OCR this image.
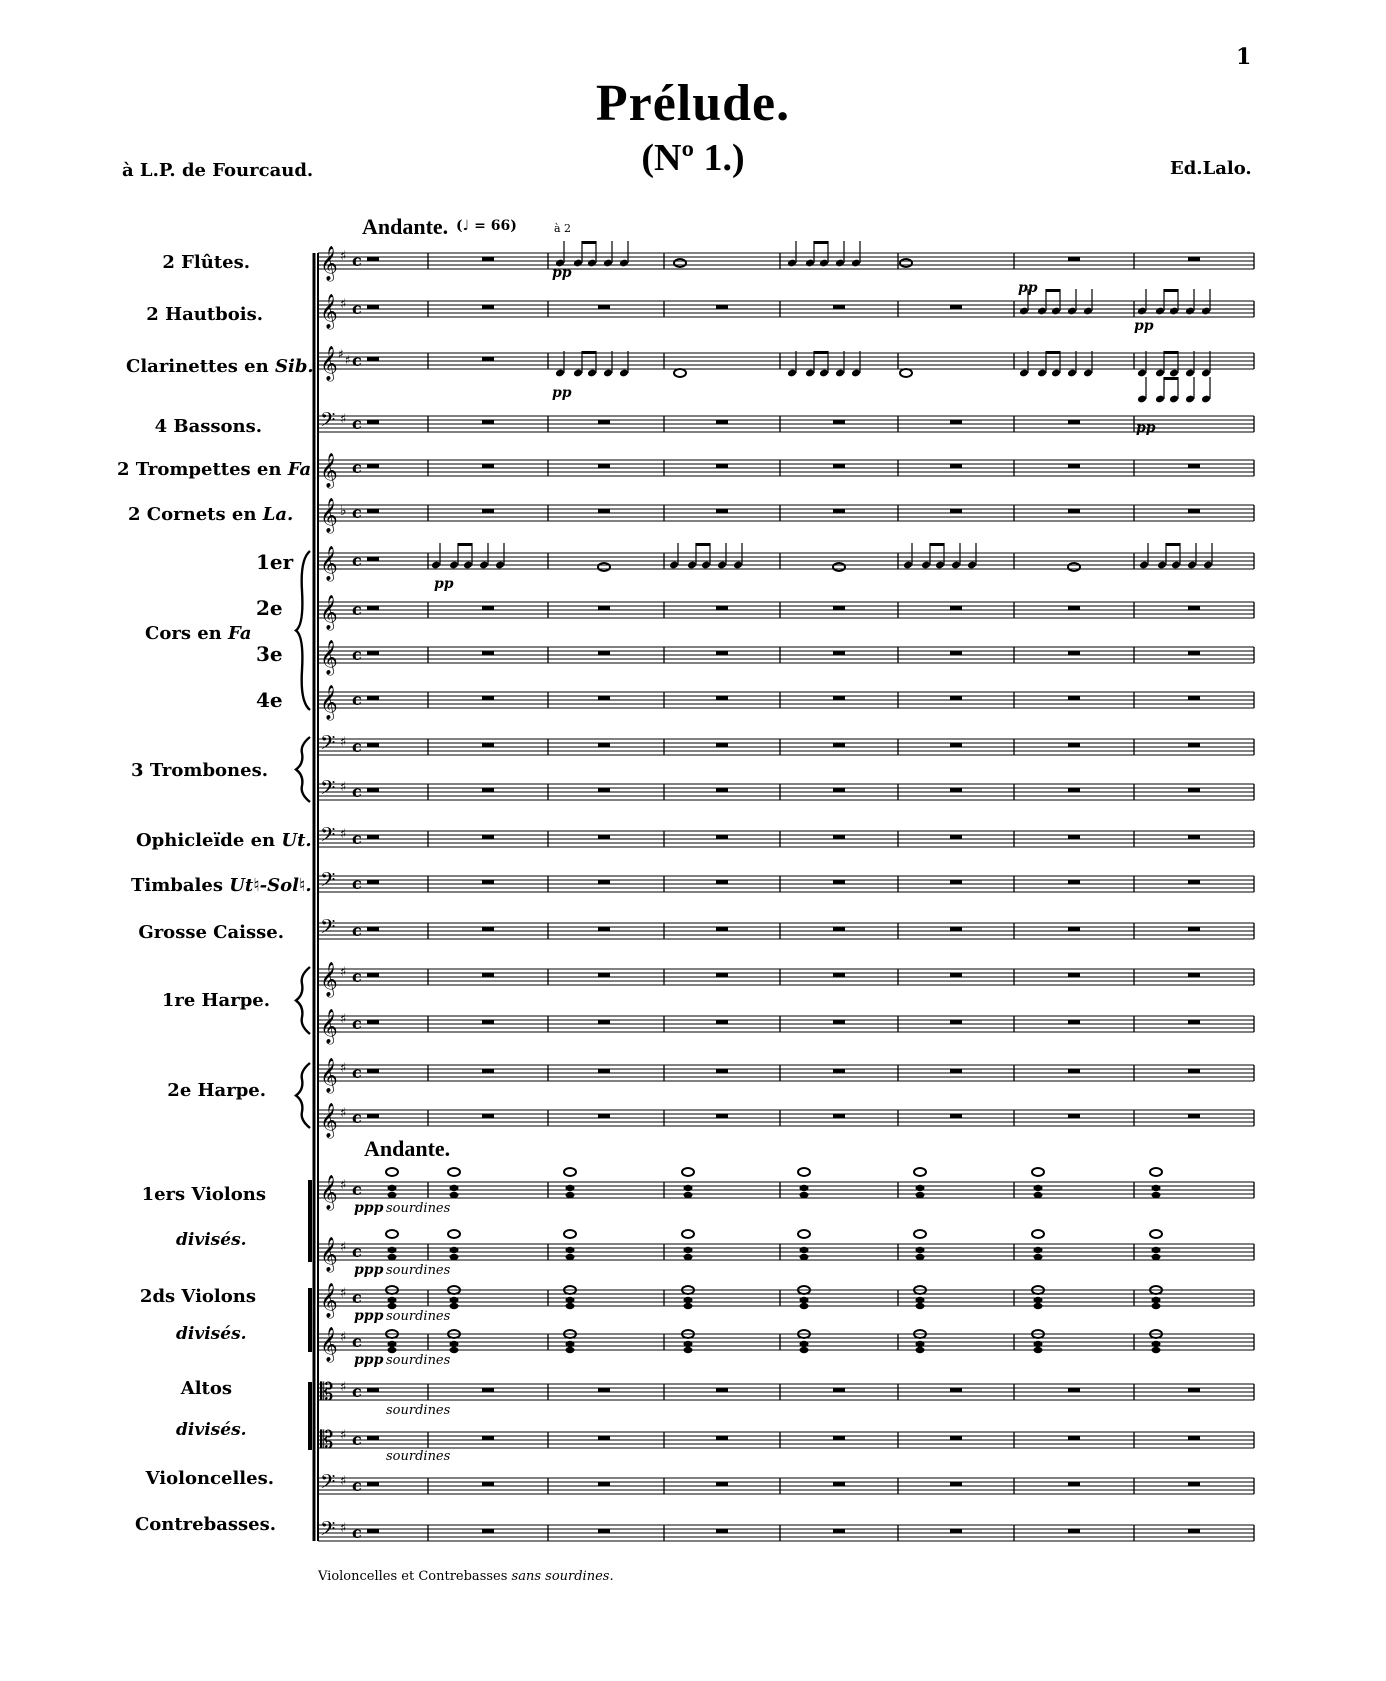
1
Prélude.
(Nº 1.)
à L.P. de Fourcaud.	Ed.Lalo.
Andante. (♩ = 66)
Andante.
2 Flûtes.
2 Hautbois.
Clarinettes en Sib.
4 Bassons.
2 Trompettes en Fa
2 Cornets en La.
1er
2e
Cors en Fa
3e
4e
3 Trombones.
Ophicleïde en Ut.
Timbales Ut♮-Sol♮.
Grosse Caisse.
1re Harpe.
2e Harpe.
1ers Violons
divisés.
2ds Violons
divisés.
Altos
divisés.
Violoncelles.
Contrebasses.
Violoncelles et Contrebasses sans sourdines.
𝄞 ♯ c
𝄞 ♯ c
𝄞 ♯ ♯ c
𝄢 ♯ c
𝄞 c
𝄞 ♭ c
𝄞 c
𝄞 c
𝄞 c
𝄞 c
𝄢 ♯ c
𝄢 ♯ c
𝄢 ♯ c
𝄢 c
𝄢 c
𝄞 ♯ c
𝄞 ♯ c
𝄞 ♯ c
𝄞 ♯ c
𝄞 ♯ c
𝄞 ♯ c
𝄞 ♯ c
𝄞 ♯ c
𝄡 ♯ c
𝄡 ♯ c
𝄢 ♯ c
𝄢 ♯ c
à 2
pp
pp
pp
pp
pp
pp
ppp sourdines
ppp sourdines
ppp sourdines
ppp sourdines
sourdines
sourdines
